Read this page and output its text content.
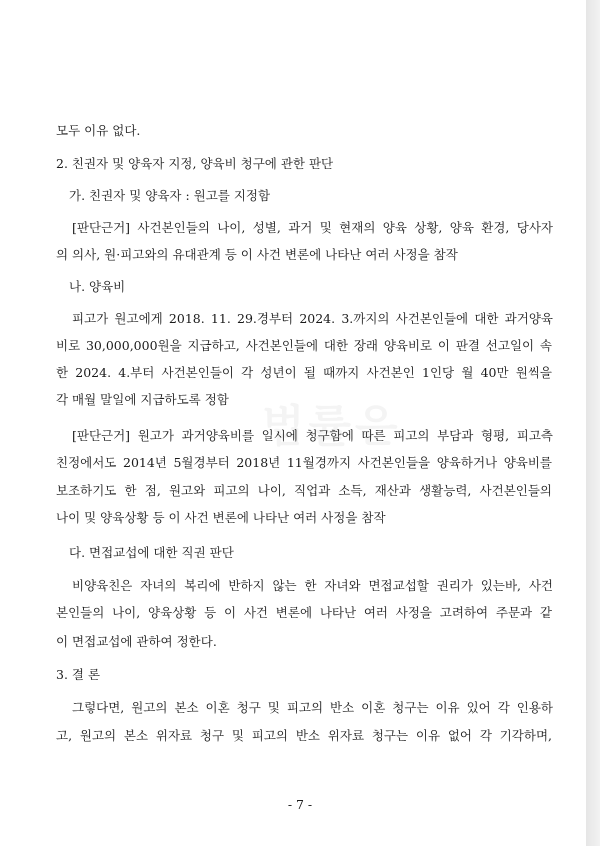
법률은
모두 이유 없다.
2. 친권자 및 양육자 지정, 양육비 청구에 관한 판단
가. 친권자 및 양육자 : 원고를 지정함
[판단근거] 사건본인들의 나이, 성별, 과거 및 현재의 양육 상황, 양육 환경, 당사자
의 의사, 원·피고와의 유대관계 등 이 사건 변론에 나타난 여러 사정을 참작
나. 양육비
피고가 원고에게 2018. 11. 29.경부터 2024. 3.까지의 사건본인들에 대한 과거양육
비로 30,000,000원을 지급하고, 사건본인들에 대한 장래 양육비로 이 판결 선고일이 속
한 2024. 4.부터 사건본인들이 각 성년이 될 때까지 사건본인 1인당 월 40만 원씩을
각 매월 말일에 지급하도록 정함
[판단근거] 원고가 과거양육비를 일시에 청구함에 따른 피고의 부담과 형평, 피고측
친정에서도 2014년 5월경부터 2018년 11월경까지 사건본인들을 양육하거나 양육비를
보조하기도 한 점, 원고와 피고의 나이, 직업과 소득, 재산과 생활능력, 사건본인들의
나이 및 양육상황 등 이 사건 변론에 나타난 여러 사정을 참작
다. 면접교섭에 대한 직권 판단
비양육친은 자녀의 복리에 반하지 않는 한 자녀와 면접교섭할 권리가 있는바, 사건
본인들의 나이, 양육상황 등 이 사건 변론에 나타난 여러 사정을 고려하여 주문과 같
이 면접교섭에 관하여 정한다.
3. 결 론
그렇다면, 원고의 본소 이혼 청구 및 피고의 반소 이혼 청구는 이유 있어 각 인용하
고, 원고의 본소 위자료 청구 및 피고의 반소 위자료 청구는 이유 없어 각 기각하며,
- 7 -
